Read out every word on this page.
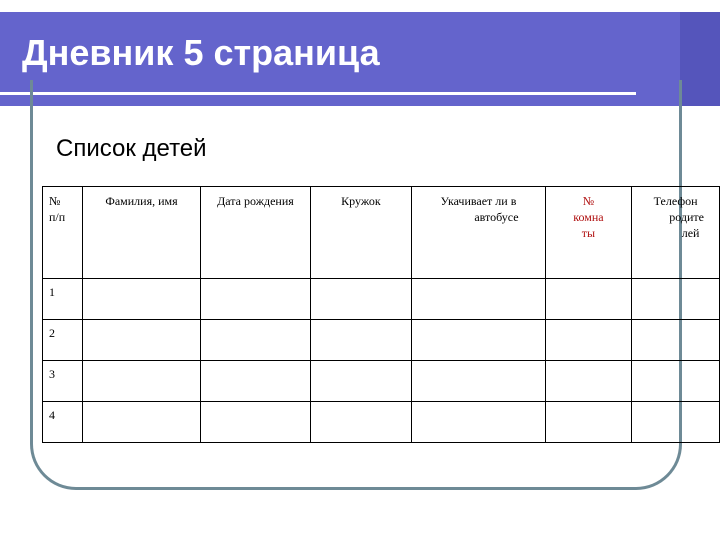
Дневник 5 страница
Список детей
№
п/п	Фамилия, имя	Дата рождения	Кружок	Укачивает ли в
автобусе	№
комна
ты	Телефон
родите
лей

1						
2						
3						
4						
